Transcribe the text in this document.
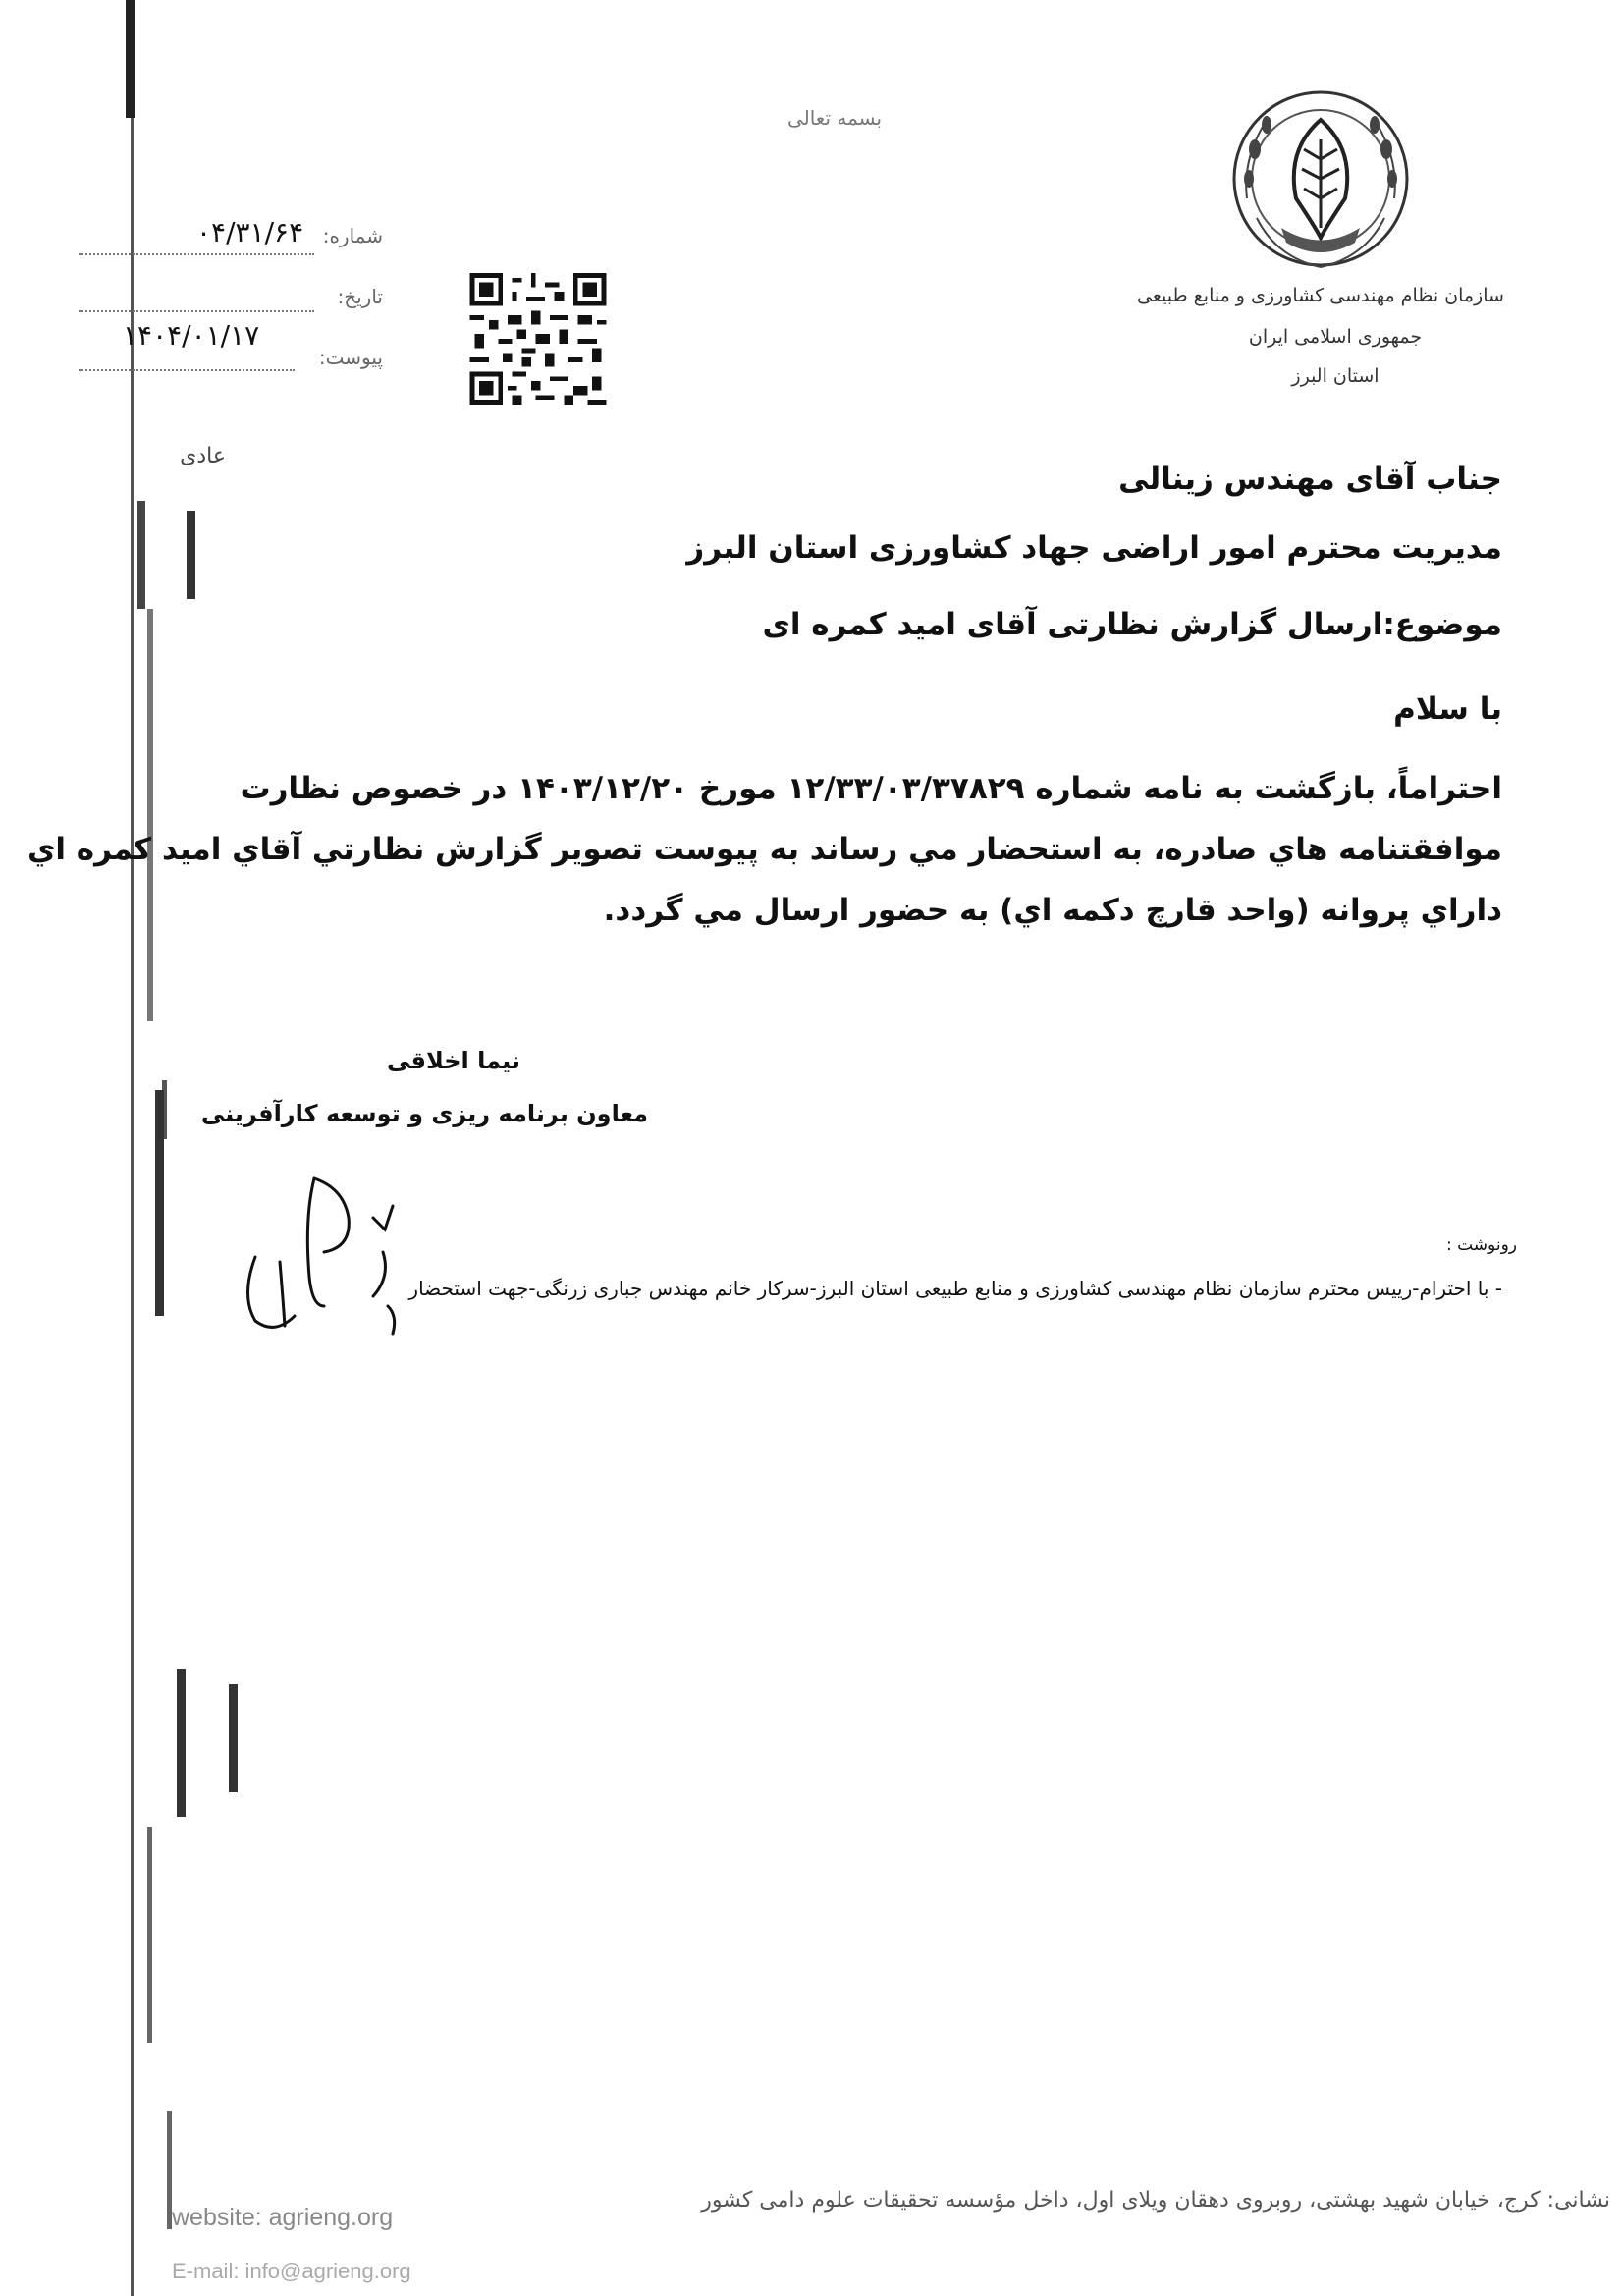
بسمه تعالی
سازمان نظام مهندسی کشاورزی و منابع طبیعی
جمهوری اسلامی ایران
استان البرز
شماره:
۰۴/۳۱/۶۴
تاریخ:
۱۴۰۴/۰۱/۱۷
پیوست:
عادی
جناب آقای مهندس زینالی
مدیریت محترم امور اراضی جهاد کشاورزی استان البرز
موضوع:ارسال گزارش نظارتی آقای امید کمره ای
با سلام
احتراماً، بازگشت به نامه شماره ۱۲/۳۳/۰۳/۳۷۸۲۹ مورخ ۱۴۰۳/۱۲/۲۰ در خصوص نظارت
موافقتنامه هاي صادره، به استحضار مي رساند به پيوست تصوير گزارش نظارتي آقاي اميد كمره اي
داراي پروانه (واحد قارچ دكمه اي) به حضور ارسال مي گردد.
نیما اخلاقی
معاون برنامه ریزی و توسعه کارآفرینی
رونوشت :
- با احترام-رییس محترم سازمان نظام مهندسی کشاورزی و منابع طبیعی استان البرز-سرکار خانم مهندس جباری زرنگی-جهت استحضار
نشانی: کرج، خیابان شهید بهشتی، روبروی دهقان ویلای اول، داخل مؤسسه تحقیقات علوم دامی کشور
website: agrieng.org
E-mail: info@agrieng.org
